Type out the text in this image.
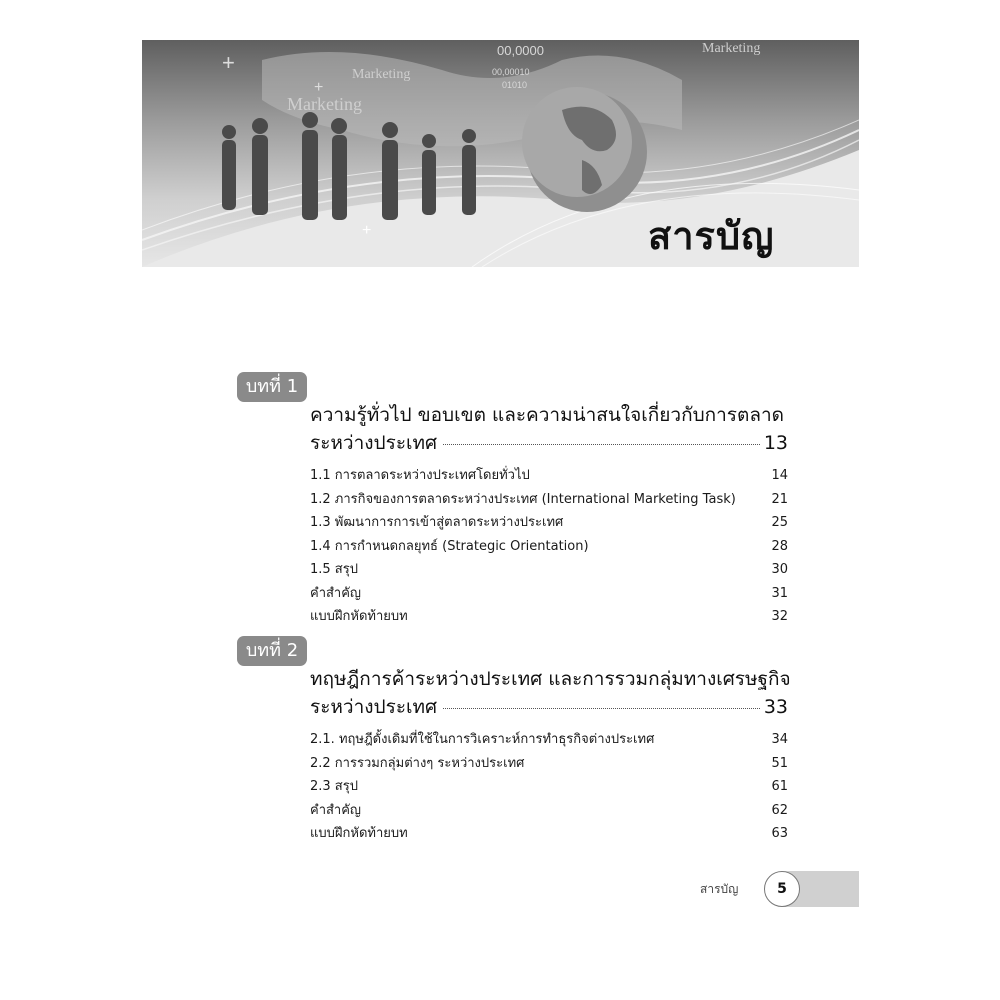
00,0000
00,00010
01010
Marketing
Marketing
Marketing
+
+
+	สารบัญ
บทที่ 1
ความรู้ทั่วไป ขอบเขต และความน่าสนใจเกี่ยวกับการตลาด
ระหว่างประเทศ	13
1.1 การตลาดระหว่างประเทศโดยทั่วไป	14
1.2 ภารกิจของการตลาดระหว่างประเทศ (International Marketing Task)	21
1.3 พัฒนาการการเข้าสู่ตลาดระหว่างประเทศ	25
1.4 การกำหนดกลยุทธ์ (Strategic Orientation)	28
1.5 สรุป	30
คำสำคัญ	31
แบบฝึกหัดท้ายบท	32
บทที่ 2
ทฤษฎีการค้าระหว่างประเทศ และการรวมกลุ่มทางเศรษฐกิจ
ระหว่างประเทศ	33
2.1. ทฤษฎีดั้งเดิมที่ใช้ในการวิเคราะห์การทำธุรกิจต่างประเทศ	34
2.2 การรวมกลุ่มต่างๆ ระหว่างประเทศ	51
2.3 สรุป	61
คำสำคัญ	62
แบบฝึกหัดท้ายบท	63
สารบัญ	5
